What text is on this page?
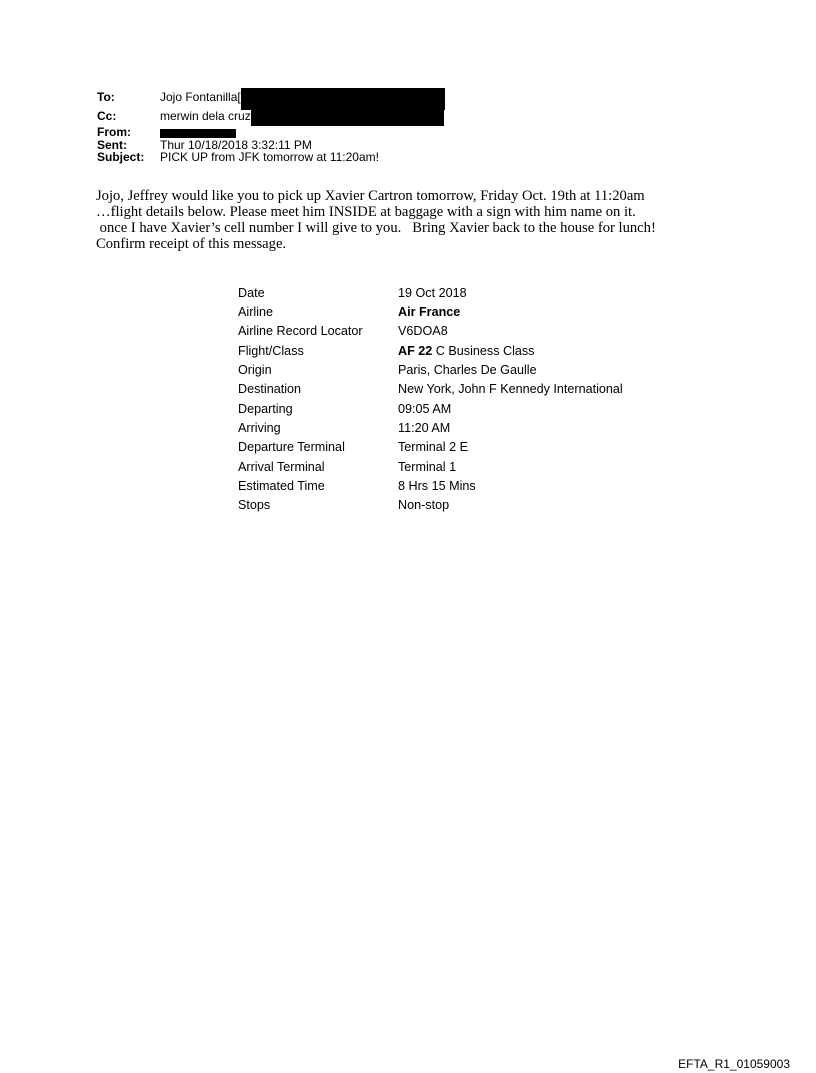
To:	Jojo Fontanilla[
Cc:	merwin dela cruz
From:
Sent:	Thur 10/18/2018 3:32:11 PM
Subject:	PICK UP from JFK tomorrow at 11:20am!

Jojo, Jeffrey would like you to pick up Xavier Cartron tomorrow, Friday Oct. 19th at 11:20am

…flight details below. Please meet him INSIDE at baggage with a sign with him name on it.

once I have Xavier’s cell number I will give to you.   Bring Xavier back to the house for lunch!

Confirm receipt of this message.

Date	19 Oct 2018
Airline	Air France
Airline Record Locator	V6DOA8
Flight/Class	AF 22 C Business Class
Origin	Paris, Charles De Gaulle
Destination	New York, John F Kennedy International
Departing	09:05 AM
Arriving	11:20 AM
Departure Terminal	Terminal 2 E
Arrival Terminal	Terminal 1
Estimated Time	8 Hrs 15 Mins
Stops	Non-stop
EFTA_R1_01059003
